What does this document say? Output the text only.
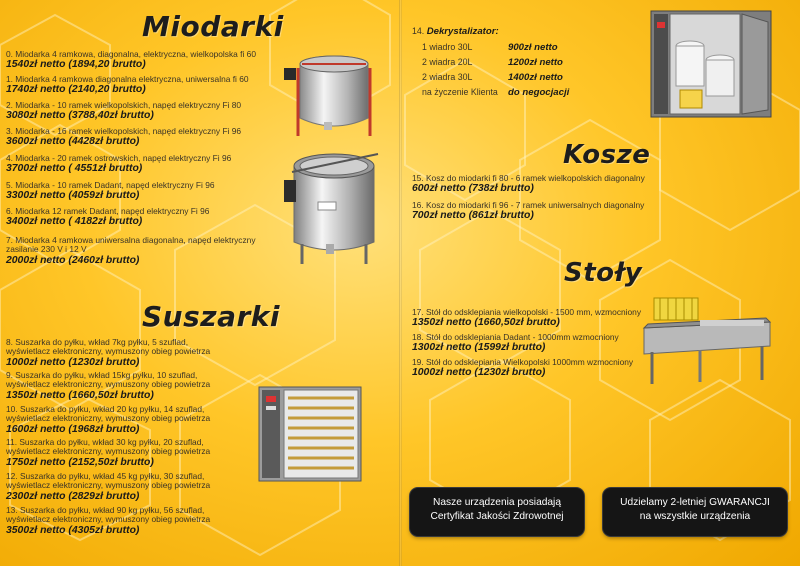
Miodarki
0. Miodarka 4 ramkowa, diagonalna, elektryczna, wielkopolska fi 60
1540zł netto (1894,20 brutto)
1. Miodarka 4 ramkowa diagonalna elektryczna, uniwersalna fi 60
1740zł netto (2140,20 brutto)
2. Miodarka - 10 ramek wielkopolskich, napęd elektryczny Fi 80
3080zł netto (3788,40zł brutto)
3. Miodarka - 16 ramek wielkopolskich, napęd elektryczny Fi 96
3600zł netto (4428zł brutto)
4. Miodarka - 20 ramek ostrowskich, napęd elektryczny Fi 96
3700zł netto ( 4551zł brutto)
5. Miodarka - 10 ramek Dadant, napęd elektryczny Fi 96
3300zł netto (4059zł brutto)
6. Miodarka 12 ramek Dadant, napęd elektryczny Fi 96
3400zł netto ( 4182zł brutto)
7. Miodarka 4 ramkowa uniwersalna diagonalna, napęd elektryczny
zasilanie 230 V i 12 V
2000zł netto (2460zł brutto)
Suszarki
8. Suszarka do pyłku, wkład 7kg pyłku, 5 szuflad,
wyświetlacz elektroniczny, wymuszony obieg powietrza
1000zł netto (1230zł brutto)
9. Suszarka do pyłku, wkład 15kg pyłku, 10 szuflad,
wyświetlacz elektroniczny, wymuszony obieg powietrza
1350zł netto (1660,50zł brutto)
10. Suszarka do pyłku, wkład 20 kg pyłku, 14 szuflad,
wyświetlacz elektroniczny, wymuszony obieg powietrza
1600zł netto (1968zł brutto)
11. Suszarka do pyłku, wkład 30 kg pyłku, 20 szuflad,
wyświetlacz elektroniczny, wymuszony obieg powietrza
1750zł netto (2152,50zł brutto)
12. Suszarka do pyłku, wkład 45 kg pyłku, 30 szuflad,
wyświetlacz elektroniczny, wymuszony obieg powietrza
2300zł netto (2829zł brutto)
13. Suszarka do pyłku, wkład 90 kg pyłku, 56 szuflad,
wyświetlacz elektroniczny, wymuszony obieg powietrza
3500zł netto (4305zł brutto)
14. Dekrystalizator:
1 wiadro 30L	900zł netto
2 wiadra 20L	1200zł netto
2 wiadra 30L	1400zł netto
na życzenie Klienta do negocjacji
Kosze
15. Kosz do miodarki fi 80 - 6 ramek wielkopolskich diagonalny
600zł netto (738zł brutto)
16. Kosz do miodarki fi 96 - 7 ramek uniwersalnych diagonalny
700zł netto (861zł brutto)
Stoły
17. Stół do odsklepiania wielkopolski - 1500 mm, wzmocniony
1350zł netto (1660,50zł brutto)
18. Stół do odsklepiania Dadant - 1000mm wzmocniony
1300zł netto (1599zł brutto)
19. Stół do odsklepiania Wielkopolski 1000mm wzmocniony
1000zł netto (1230zł brutto)
Nasze urządzenia posiadają
Certyfikat Jakości Zdrowotnej
Udzielamy 2-letniej GWARANCJI
na wszystkie urządzenia
